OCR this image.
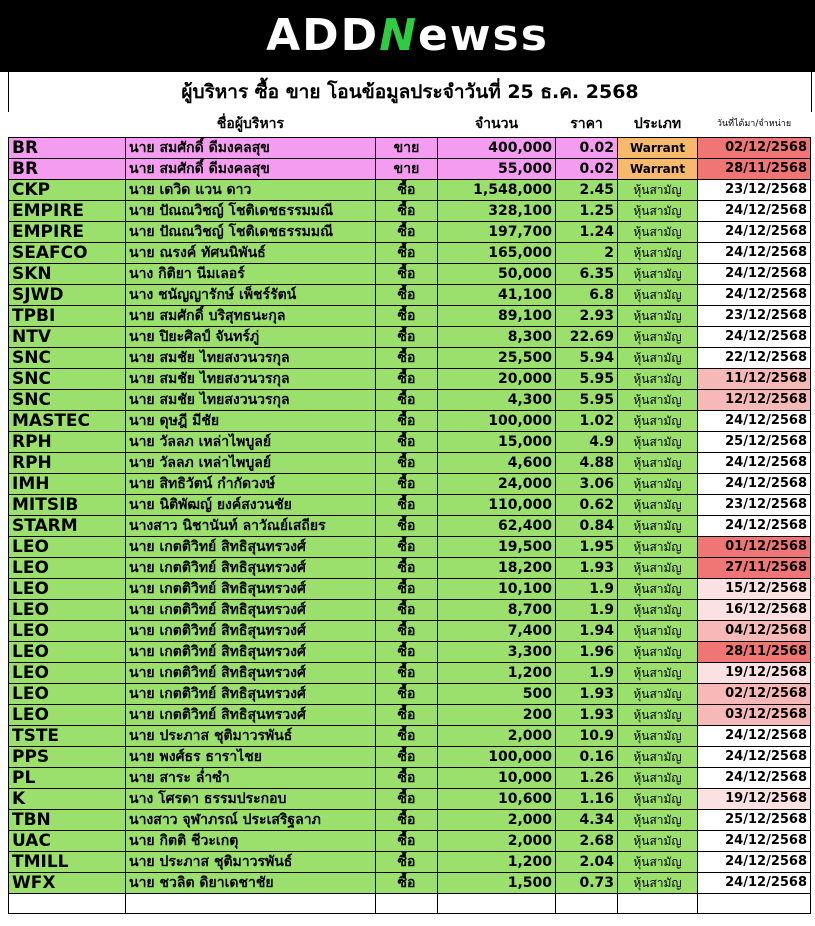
ADDNewss
ผู้บริหาร ซื้อ ขาย โอนข้อมูลประจำวันที่ 25 ธ.ค. 2568
	ชื่อผู้บริหาร		จำนวน	ราคา	ประเภท	วันที่ได้มา/จำหน่าย
BR	นาย สมศักดิ์ ดีมงคลสุข	ขาย	400,000	0.02	Warrant	02/12/2568
BR	นาย สมศักดิ์ ดีมงคลสุข	ขาย	55,000	0.02	Warrant	28/11/2568
CKP	นาย เดวิด แวน ดาว	ซื้อ	1,548,000	2.45	หุ้นสามัญ	23/12/2568
EMPIRE	นาย ปัณณวิชญ์ โชติเดชธรรมมณี	ซื้อ	328,100	1.25	หุ้นสามัญ	24/12/2568
EMPIRE	นาย ปัณณวิชญ์ โชติเดชธรรมมณี	ซื้อ	197,700	1.24	หุ้นสามัญ	24/12/2568
SEAFCO	นาย ณรงค์ ทัศนนิพันธ์	ซื้อ	165,000	2	หุ้นสามัญ	24/12/2568
SKN	นาง กิติยา นีมเลอร์	ซื้อ	50,000	6.35	หุ้นสามัญ	24/12/2568
SJWD	นาง ชนัญญารักษ์ เพ็ชร์รัตน์	ซื้อ	41,100	6.8	หุ้นสามัญ	24/12/2568
TPBI	นาย สมศักดิ์ บริสุทธนะกุล	ซื้อ	89,100	2.93	หุ้นสามัญ	23/12/2568
NTV	นาย ปิยะศิลป์ จันทร์ภู่	ซื้อ	8,300	22.69	หุ้นสามัญ	24/12/2568
SNC	นาย สมชัย ไทยสงวนวรกุล	ซื้อ	25,500	5.94	หุ้นสามัญ	22/12/2568
SNC	นาย สมชัย ไทยสงวนวรกุล	ซื้อ	20,000	5.95	หุ้นสามัญ	11/12/2568
SNC	นาย สมชัย ไทยสงวนวรกุล	ซื้อ	4,300	5.95	หุ้นสามัญ	12/12/2568
MASTEC	นาย ดุษฎี มีชัย	ซื้อ	100,000	1.02	หุ้นสามัญ	24/12/2568
RPH	นาย วัลลภ เหล่าไพบูลย์	ซื้อ	15,000	4.9	หุ้นสามัญ	25/12/2568
RPH	นาย วัลลภ เหล่าไพบูลย์	ซื้อ	4,600	4.88	หุ้นสามัญ	24/12/2568
IMH	นาย สิทธิวัตน์ กำกัดวงษ์	ซื้อ	24,000	3.06	หุ้นสามัญ	24/12/2568
MITSIB	นาย นิติพัฒญ์ ยงค์สงวนชัย	ซื้อ	110,000	0.62	หุ้นสามัญ	23/12/2568
STARM	นางสาว นิชานันท์ ลาวัณย์เสถียร	ซื้อ	62,400	0.84	หุ้นสามัญ	24/12/2568
LEO	นาย เกตติวิทย์ สิทธิสุนทรวงศ์	ซื้อ	19,500	1.95	หุ้นสามัญ	01/12/2568
LEO	นาย เกตติวิทย์ สิทธิสุนทรวงศ์	ซื้อ	18,200	1.93	หุ้นสามัญ	27/11/2568
LEO	นาย เกตติวิทย์ สิทธิสุนทรวงศ์	ซื้อ	10,100	1.9	หุ้นสามัญ	15/12/2568
LEO	นาย เกตติวิทย์ สิทธิสุนทรวงศ์	ซื้อ	8,700	1.9	หุ้นสามัญ	16/12/2568
LEO	นาย เกตติวิทย์ สิทธิสุนทรวงศ์	ซื้อ	7,400	1.94	หุ้นสามัญ	04/12/2568
LEO	นาย เกตติวิทย์ สิทธิสุนทรวงศ์	ซื้อ	3,300	1.96	หุ้นสามัญ	28/11/2568
LEO	นาย เกตติวิทย์ สิทธิสุนทรวงศ์	ซื้อ	1,200	1.9	หุ้นสามัญ	19/12/2568
LEO	นาย เกตติวิทย์ สิทธิสุนทรวงศ์	ซื้อ	500	1.93	หุ้นสามัญ	02/12/2568
LEO	นาย เกตติวิทย์ สิทธิสุนทรวงศ์	ซื้อ	200	1.93	หุ้นสามัญ	03/12/2568
TSTE	นาย ประภาส ชุติมาวรพันธ์	ซื้อ	2,000	10.9	หุ้นสามัญ	24/12/2568
PPS	นาย พงศ์ธร ธาราไชย	ซื้อ	100,000	0.16	หุ้นสามัญ	24/12/2568
PL	นาย สาระ ล่ำซำ	ซื้อ	10,000	1.26	หุ้นสามัญ	24/12/2568
K	นาง โศรดา ธรรมประกอบ	ซื้อ	10,600	1.16	หุ้นสามัญ	19/12/2568
TBN	นางสาว จุฬาภรณ์ ประเสริฐลาภ	ซื้อ	2,000	4.34	หุ้นสามัญ	25/12/2568
UAC	นาย กิตติ ชีวะเกตุ	ซื้อ	2,000	2.68	หุ้นสามัญ	24/12/2568
TMILL	นาย ประภาส ชุติมาวรพันธ์	ซื้อ	1,200	2.04	หุ้นสามัญ	24/12/2568
WFX	นาย ชวลิต ดิยาเดชาชัย	ซื้อ	1,500	0.73	หุ้นสามัญ	24/12/2568
